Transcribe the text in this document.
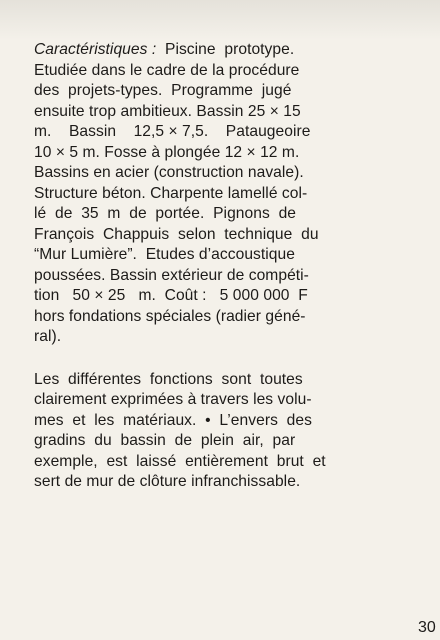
Caractéristiques :  Piscine  prototype.
Etudiée dans le cadre de la procédure
des  projets-types.  Programme  jugé
ensuite trop ambitieux. Bassin 25 × 15
m.    Bassin    12,5 × 7,5.    Pataugeoire
10 × 5 m. Fosse à plongée 12 × 12 m.
Bassins en acier (construction navale).
Structure béton. Charpente lamellé col-
lé  de  35  m  de  portée.  Pignons  de
François  Chappuis  selon  technique  du
“Mur Lumière”.  Etudes d’accoustique
poussées. Bassin extérieur de compéti-
tion   50 × 25   m.  Coût :   5 000 000  F
hors fondations spéciales (radier géné-
ral).
Les  différentes  fonctions  sont  toutes
clairement exprimées à travers les volu-
mes  et  les  matériaux.  •  L’envers  des
gradins  du  bassin  de  plein  air,  par
exemple,  est  laissé  entièrement  brut  et
sert de mur de clôture infranchissable.
30
